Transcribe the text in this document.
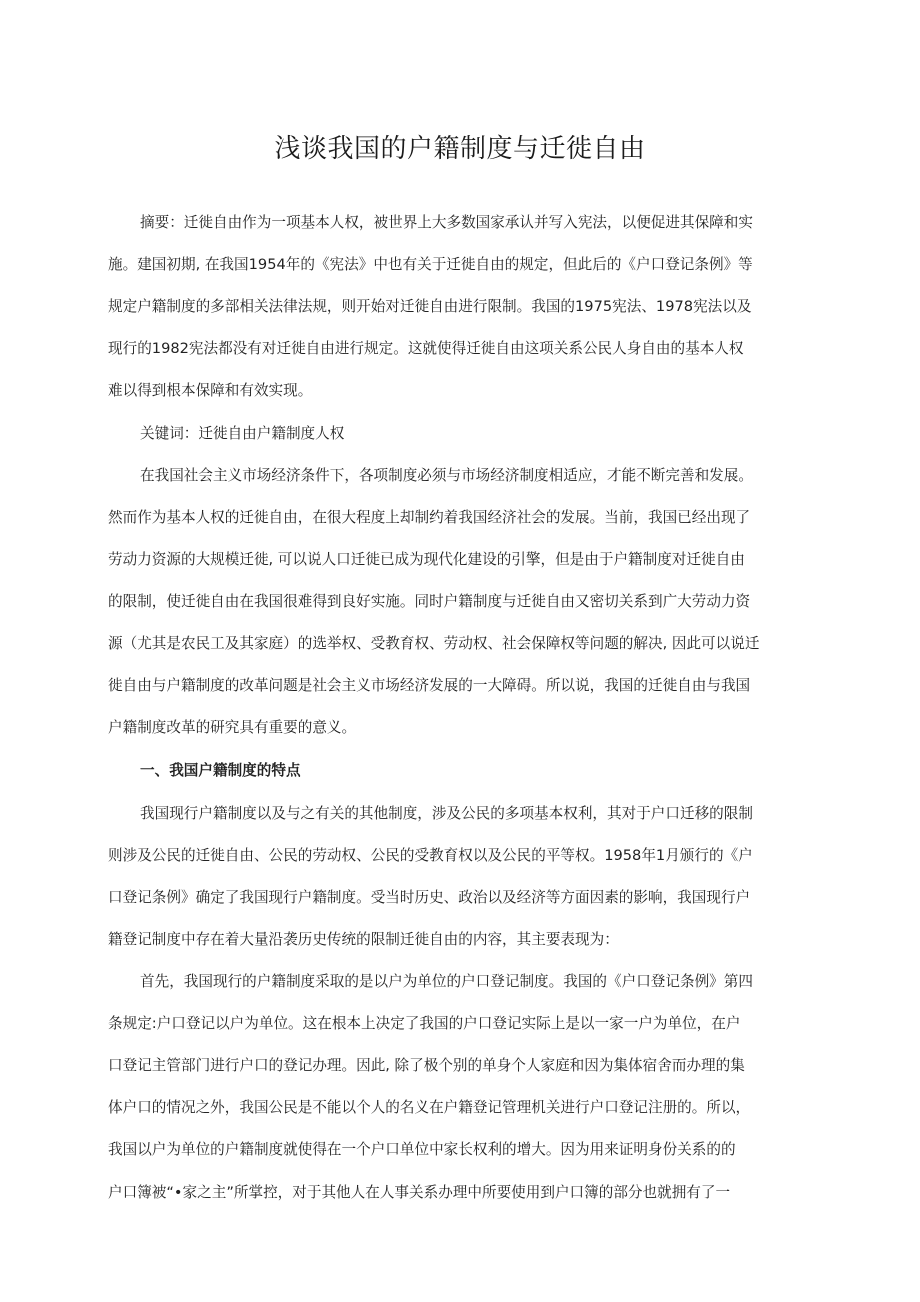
浅谈我国的户籍制度与迁徙自由

摘要：迁徙自由作为一项基本人权，被世界上大多数国家承认并写入宪法，以便促进其保障和实

施。建国初期, 在我国1954年的《宪法》中也有关于迁徙自由的规定，但此后的《户口登记条例》等

规定户籍制度的多部相关法律法规，则开始对迁徙自由进行限制。我国的1975宪法、1978宪法以及

现行的1982宪法都没有对迁徙自由进行规定。这就使得迁徙自由这项关系公民人身自由的基本人权

难以得到根本保障和有效实现。

关键词：迁徙自由户籍制度人权

在我国社会主义市场经济条件下，各项制度必须与市场经济制度相适应，才能不断完善和发展。

然而作为基本人权的迁徙自由，在很大程度上却制约着我国经济社会的发展。当前，我国已经出现了

劳动力资源的大规模迁徙, 可以说人口迁徙已成为现代化建设的引擎，但是由于户籍制度对迁徙自由

的限制，使迁徙自由在我国很难得到良好实施。同时户籍制度与迁徙自由又密切关系到广大劳动力资

源（尤其是农民工及其家庭）的选举权、受教育权、劳动权、社会保障权等问题的解决, 因此可以说迁

徙自由与户籍制度的改革问题是社会主义市场经济发展的一大障碍。所以说，我国的迁徙自由与我国

户籍制度改革的研究具有重要的意义。

一、我国户籍制度的特点

我国现行户籍制度以及与之有关的其他制度，涉及公民的多项基本权利，其对于户口迁移的限制

则涉及公民的迁徙自由、公民的劳动权、公民的受教育权以及公民的平等权。1958年1月颁行的《户

口登记条例》确定了我国现行户籍制度。受当时历史、政治以及经济等方面因素的影响，我国现行户

籍登记制度中存在着大量沿袭历史传统的限制迁徙自由的内容，其主要表现为：

首先，我国现行的户籍制度采取的是以户为单位的户口登记制度。我国的《户口登记条例》第四

条规定:户口登记以户为单位。这在根本上决定了我国的户口登记实际上是以一家一户为单位，在户

口登记主管部门进行户口的登记办理。因此, 除了极个别的单身个人家庭和因为集体宿舍而办理的集

体户口的情况之外，我国公民是不能以个人的名义在户籍登记管理机关进行户口登记注册的。所以，

我国以户为单位的户籍制度就使得在一个户口单位中家长权利的增大。因为用来证明身份关系的的

户口簿被“•家之主”所掌控，对于其他人在人事关系办理中所要使用到户口簿的部分也就拥有了一
